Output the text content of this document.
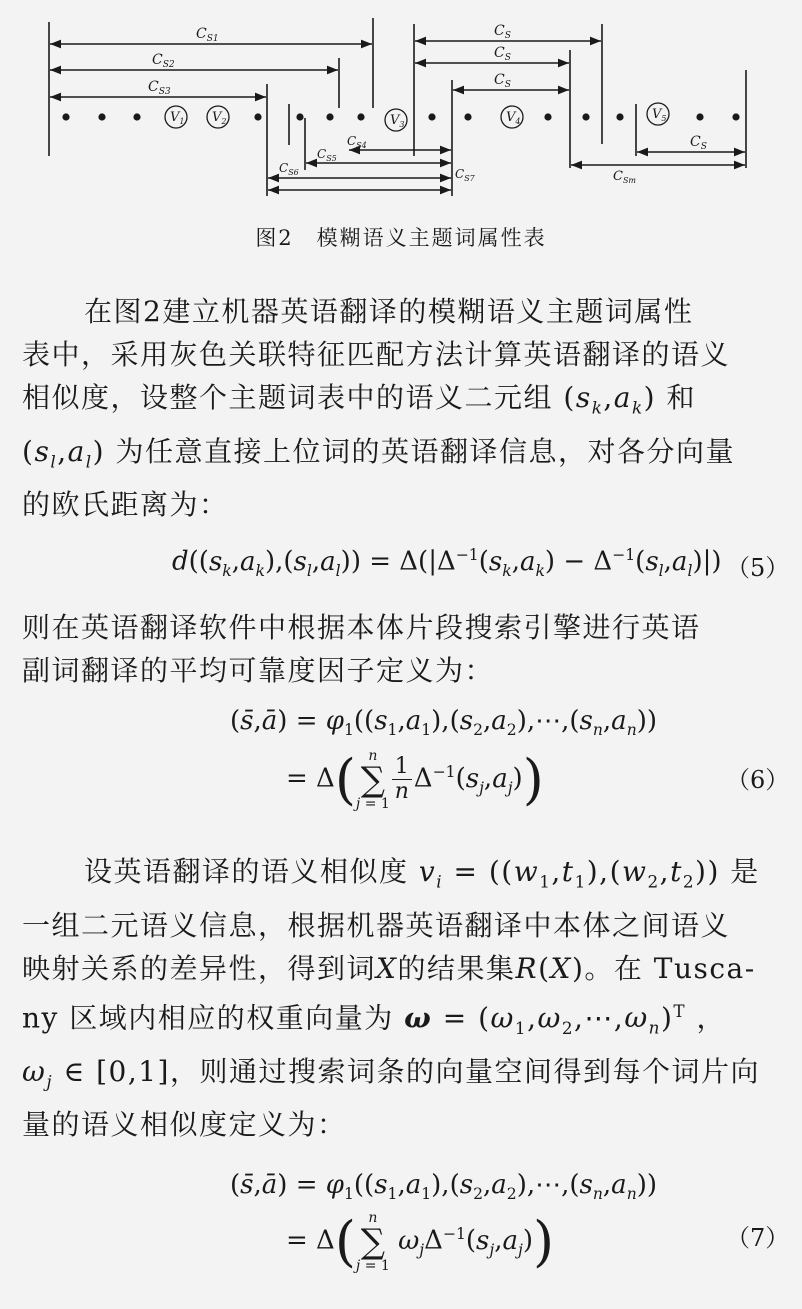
$V_1$ $V_2$	$V_3$	$V_4$	$V_5$
$C_{S1}$
$C_{S2}$
$C_{S3}$
$C_S$
$C_S$
$C_S$
$C_{S4}$
$C_{S5}$
$C_{S6}$	$C_{S7}$
$C_S$
$C_{Sm}$
图2　模糊语义主题词属性表
在图2建立机器英语翻译的模糊语义主题词属性
表中，采用灰色关联特征匹配方法计算英语翻译的语义
相似度，设整个主题词表中的语义二元组 $(s_k,a_k)$ 和
$(s_l,a_l)$ 为任意直接上位词的英语翻译信息，对各分向量
的欧氏距离为：
$d((s_k,a_k),(s_l,a_l)) = \Delta(|\Delta^{-1}(s_k,a_k) - \Delta^{-1}(s_l,a_l)|)$ （5）
则在英语翻译软件中根据本体片段搜索引擎进行英语
副词翻译的平均可靠度因子定义为：
(s̄,ā) = $\varphi_1((s_1,a_1),(s_2,a_2),\cdots,(s_n,a_n))$
= Δ( n
∑
$j = 1 \frac{1}{n} \Delta^{-1}(s_j,a_j)$)	（6）
设英语翻译的语义相似度 $v_i = ((w_1,t_1),(w_2,t_2))$ 是
一组二元语义信息，根据机器英语翻译中本体之间语义
映射关系的差异性，得到词X的结果集R(X)。在 Tusca-
ny 区域内相应的权重向量为 $\omega = (\omega_1,\omega_2,\cdots,\omega_n)^T$ ，
$\omega_j$ ∈ [0,1]，则通过搜索词条的向量空间得到每个词片向
量的语义相似度定义为：
(s̄,ā) = $\varphi_1((s_1,a_1),(s_2,a_2),\cdots,(s_n,a_n))$
= Δ( n
∑
j = 1 $\omega_j\Delta^{-1}(s_j,a_j)$)	（7）
